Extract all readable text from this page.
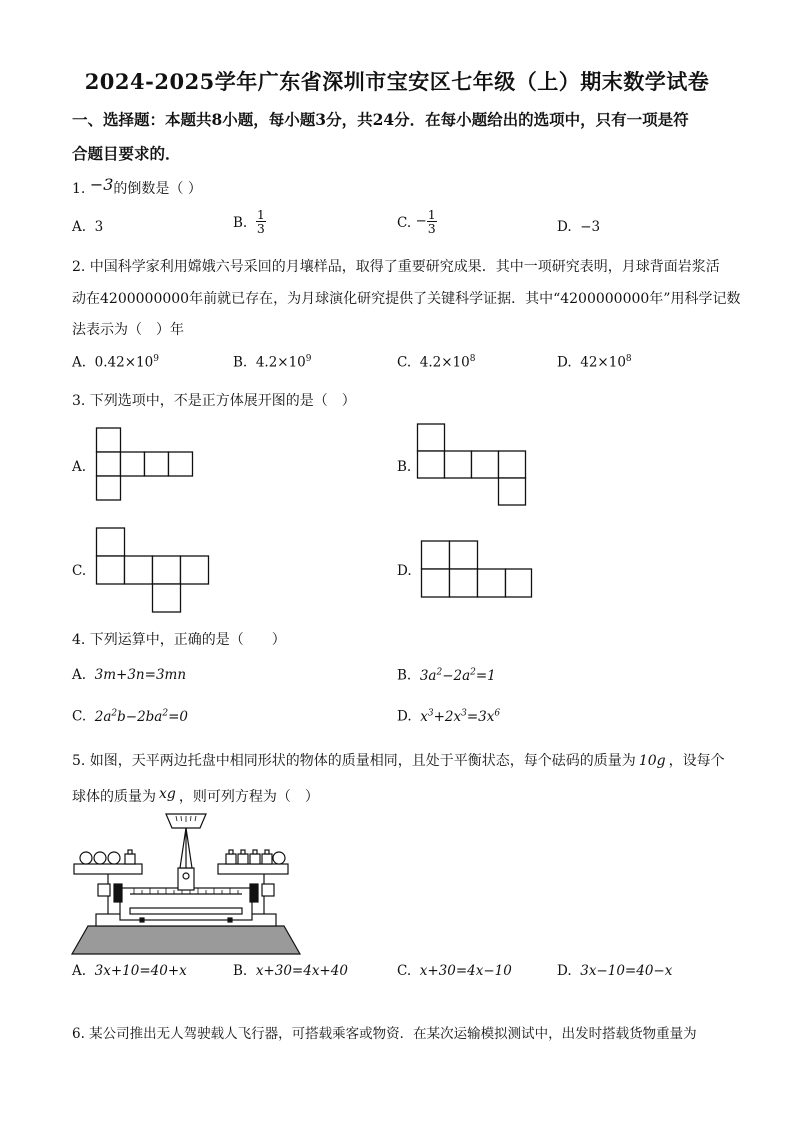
2024-2025学年广东省深圳市宝安区七年级（上）期末数学试卷
一、选择题：本题共8小题，每小题3分，共24分．在每小题给出的选项中，只有一项是符
合题目要求的．
1. −3的倒数是（ ）
A. 3	B. $\frac{1}{3}$	C. − $\frac{1}{3}$	D. −3
2. 中国科学家利用嫦娥六号采回的月壤样品，取得了重要研究成果．其中一项研究表明，月球背面岩浆活
动在4200000000年前就已存在，为月球演化研究提供了关键科学证据．其中“4200000000年”用科学记数
法表示为（　）年
A. $0.42\times 10^9$	B. $4.2\times 10^9$	C. $4.2\times 10^8$	D. $42\times 10^8$
3. 下列选项中，不是正方体展开图的是（　）
A.	B.
C.	D.
4. 下列运算中，正确的是（　　）
A. 3m+3n=3mn	B. $3a^2-2a^2=1$
C. $2a^2b-2ba^2=0$	D. $x^3+2x^3=3x^6$
5. 如图，天平两边托盘中相同形状的物体的质量相同，且处于平衡状态，每个砝码的质量为 10g ，设每个
球体的质量为 xg ，则可列方程为（　）
A. 3x+10=40+x	B. x+30=4x+40	C. x+30=4x−10	D. 3x−10=40−x
6. 某公司推出无人驾驶载人飞行器，可搭载乘客或物资．在某次运输模拟测试中，出发时搭载货物重量为
